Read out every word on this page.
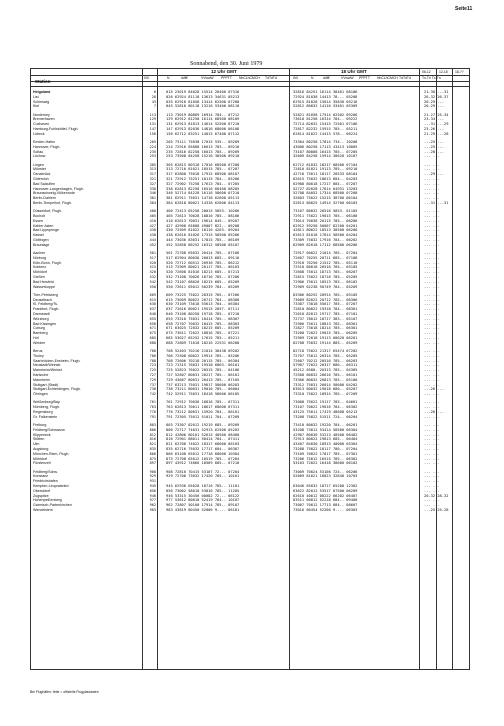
Seite11
Sonnabend, den 30. Juni 1979
Station
12 Uhr GMT	18 Uhr GMT
IIIII	N	ddfff	VVwwW PPPTT NhCLhCMCH TdTdTd	IIIII	N	ddfff	VVwwW PPPTT NhCLhCMCH TdTdTd
06-12 12-18 18-??
Tx-Tn Tx-Tn
Helgoland	6	015 23019 84028 15514 28400 07316	32816 84251 16114 38401 08106	21-30 ---31
List	26	026 62924 81118 13613 34631 05213	72924 81038 14413 78--- 05208	26-32 26-37
Schleswig	43	035 62916 81058 13414 62500 07208	62915 81028 15014 35830 05216	20-29 ---
Kiel	7	045 52810 80118 13216 53400 08110	52812 80032 14116 53401 05309	20-29 ---
Norderney	113	113 73019 80809 16914 784-- 07212	52821 81058 17514 62502 09206	21-27 25-34
Bremerhaven	129	129 62912 81258 16114 68500 08109	73610 81258 16314 784-- 09222	23-34 ---
Cuxhaven	131	131 62913 81813 14614 52500 07210	72714 82032 15415 72501 07106	---31 ---29
Hamburg-Fuhlsbüttel, Flugh.	147	147 62913 82036 14816 68600 06108	72817 82232 15915 785-- 05211	23-26 ---
Lübeck	156	156 62712 83251 14015 67400 07112	62814 81022 14413 578-- 06224	21-29 ---28
Emden-Hafen	205	205 73111 75038 17015 535-- 09209	73304 80258 17814 734-- 10208	---25 ---
Hannover, Flugh.	224	224 72916 65808 16613 783-- 09210	43006 80258 17113 43413 10005	---25 ---
Soltau	235	235 72816 82258 16013 785-- 09209	73107 80808 16415 785-- 07205	---28 ---
Lüchow	253	253 73508 84258 15216 38500 09210	32609 84258 15914 38620 10107	--- ---
Lingen	305	305 62815 80318 17816 68500 07208	62712 81032 18217 68500 07104	--- ---
Münster	313	313 72710 81021 18515 785-- 07207	72810 81021 19113 785-- 09210	--- ---
Osnabrück	317	317 62808 75018 17915 68500 08107	42710 75011 18117 28533 08104	---29 ---
Gütersloh	321	321 72912 75251 18115 784-- 05206	62615 75032 18613 684-- 04203	--- ---
Bad Salzuflen	327	327 72902 75258 17613 784-- 07205	62908 80018 17217 684-- 07207	--- ---
Hannover-Langenhagen, Flugh.	338	338 62813 82258 16516 68400 08205	52727 82028 17614 64931 13203	--- ---
Braunschweig-Völkenrode	346	346 52714 84228 16116 58600 07210	52708 84052 17314 68500 07208	--- ---
Berlin-Dahlem	381	381 62911 75031 14718 62600 05113	32603 75022 15215 38700 06104	--- ---
Berlin-Tempelhof, Flugh.	384	384 62818 80021 14318 62600 04113	52613 80025 14914 52700 06103	---31 ---31
Düsseldorf, Flugh.	400	400 72413 65258 20015 5853- 10206	73107 80032 20516 5853- 01105	--- ---
Bocholt	405	405 72613 70028 18816 785-- 08106	72911 75022 19015 785-- 06108	--- ---
Essen	410	410 62613 70031 19614 845-- 09207	73014 70038 20115 785-- 08206	--- ---
Kahler Asten	427	427 42908 65808 49007 822-- 06208	62912 59258 50007 82200 04201	--- ---
Bad Lippspringe	430	430 72509 81022 18116 4263- 09204	42811 80022 18513 38500 06206	--- ---
Kassel	438	438 62610 81026 17315 58500 05206	62613 81018 17814 58500 04204	--- ---
Göttingen	444	444 73036 83031 17815 785-- 06109	73309 75032 17916 784-- 06202	--- ---
Braunlage	452	452 52858 86252 16312 58500 05107	62909 82018 17112 68500 06206	--- ---
Aachen	501	501 72708 65032 20414 785-- 07106	72917 60022 21014 785-- 07204	--- ---
Nürburg	517	517 62904 80036 20013 685-- 09110	72607 70255 20711 685-- 07108	--- ---
Köln-Bonn, Flugh.	520	520 72712 60512 20916 785-- 06212	72910 76250 21512 785-- 05110	--- ---
Koblenz	515	515 72909 80021 20117 785-- 06103	72510 80018 20516 785-- 05105	--- ---
Mühldorf	520	520 72608 81016 18213 685-- 07213	72608 75012 18713 785-- 06207	--- ---
Gießen	532	532 73108 70026 18716 785-- 07206	72815 75022 18716 785-- 05205	--- ---
Bad Hersfeld	542	542 73107 68026 18215 685-- 05209	72906 75012 18513 785-- 06102	--- ---
Wasserkuppe	550	550 72611 65012 50239 784-- 05209	72909 62238 50749 784-- 05209	--- ---
Trier-Petrisberg	609	609 73225 75022 20315 785-- 07206	83306 80252 20914 785-- 05105	--- ---
Deuselbach	615	615 73009 80022 20712 784-- 08308	73009 82022 20712 785-- 08306	--- ---
Kl. Feldberg/Ts.	630	630 73109 73618 55613 784-- 06304	73307 73018 55617 785-- 07207	--- ---
Frankfurt, Flugh.	637	637 72616 80021 19515 2857- 07111	72810 80022 19318 784-- 08301	--- ---
Darmstadt	640	640 73108 80250 19718 785-- 07210	72610 82012 19717 785-- 07101	--- ---
Würzburg	655	655 73310 75031 18414 785-- 08307	72737 78012 18717 383-- 05107	--- ---
Bad Kissingen	658	658 72707 70032 18415 785-- 08303	72906 75011 18813 785-- 08301	--- ---
Coburg	671	671 63025 72032 18215 685-- 05209	72827 73018 18214 785-- 06301	--- ---
Bamberg	675	675 73611 72022 18816 785-- 07221	73208 72022 19015 785-- 06205	--- ---
Hof	685	685 53027 65252 17615 785-- 05211	72909 72018 19113 68620 06201	--- ---
Weiden	688	688 72809 71018 18216 22531 06208	82708 75032 19114 885-- 05209	--- ---
Berus	708	708 52403 70216 21014 38438 09202	82710 75022 21317 65474 07202	--- ---
Tholey	706	706 72508 60022 19914 785-- 05206	72707 75012 20314 785-- 05205	--- ---
Saarbrücken-Ensheim, Flugh.	708	708 72606 70218 20115 785-- 06304	72607 70212 20516 785-- 06203	--- ---
Neustadt/Weinstr.	723	723 71315 76031 19518 6863- 06101	57907 72022 20317 686-- 06311	--- ---
Mannheim/Weinst.	725	725 52823 76022 20515 785-- 04106	45212 6580- 20313 785-- 04305	--- ---
Karlsruhe	727	727 52607 80031 20217 785-- 06101	72508 80032 20616 785-- 06101	--- ---
Mannheim	729	729 43607 80031 20413 785-- 07105	73306 80032 20813 785-- 05100	--- ---
Stuttgart (Stadt)	737	737 63213 75031 19617 58600 06203	73312 75031 20014 58600 04202	--- ---
Stuttgart-Echterdingen, Flugh.	738	738 73211 80031 19016 785-- 06004	63013 80032 19018 680-- 05207	---26 ---
Öhringen	742	742 52911 75031 18418 58600 06105	73310 75022 18914 785-- 07209	--- ---
Weißenburg/Bay.	761	761 72912 70036 18816 785-- 07311	73008 75022 19117 785-- 04601	--- ---
Nürnberg, Flugh.	763	763 62813 70011 18617 68600 07311	73107 70022 19016 784-- 06302	--- ---
Regensburg	776	776 73212 80031 15920 784-- 06101	43125 75011 17419 48608 05213	---26 ---
Gr. Falkenstein	791	791 72305 75012 51011 784-- 07209	73208 75022 51511 724-- 06204	--- ---
Freiburg	803	803 73307 82012 19219 685-- 09209	73410 80032 19220 784-- 06201	--- ---
Feldberg/Schwarzw.	806	806 72717 74031 52913 62500 05203	53208 73012 53414 58500 06304	--- ---
Klippeneck	812	812 42806 80101 52615 48500 08400	42907 80030 53213 48500 08402	--- ---
Stötten	816	816 72901 68011 50414 784-- 07411	72913 80022 19813 685-- 06404	--- ---
Ulm	821	821 62708 74022 18317 68600 06103	43407 84030 18913 40000 05304	--- ---
Augsburg	835	835 62716 75032 17717 684-- 06307	73208 75022 18117 786-- 07204	--- ---
München-Riem, Flugh.	866	866 63108 65012 17718 68600 10304	73109 70022 17817 785-- 07301	--- ---
Mühldorf	875	875 72708 65012 16519 785-- 07204	73206 75012 16515 785-- 06302	--- ---
Fürstenzell	897	897 43912 74066 18509 685-- 07210	53103 72022 16418 38600 06102	--- ---
Feldberg/Schw.	908	908 72810 70415 53107 72--- 07204	73009 70024 53108 724-- 06206	--- ---
Konstanz	929	929 72706 73032 17420 785-- 10101	52609 81021 16823 32840 10703	--- ---
Friedrichshafen	931	--- ---
Kempten-Leupratsried	945	945 62936 65028 18716 785-- 11101	63046 65032 18717 65200 12302	--- ---
Oberstdorf	856	856 73002 58018 53016 785-- 11205	63622 82012 53517 67500 06209	--- ---
Zugspitze	946	946 53315 30456 00082 72--- 06122	62610 40012 00222 66202 06407	20-32 28-32
Hohenpeißenberg	977	977 53612 80018 52419 784-- 10107	83511 60812 52218 684-- 09400	--- ---
Garmisch-Partenkirchen	962	962 72807 50100 17914 785-- 09107	73007 70012 17713 684-- 08607	--- ---
Wendelstein	983	983 43819 80450 52006 9---- 06101	73016 60454 52206 9---- 06303	---25 25-28
Bei Flughäfen: fette = offizielle Flugplatzdaten
